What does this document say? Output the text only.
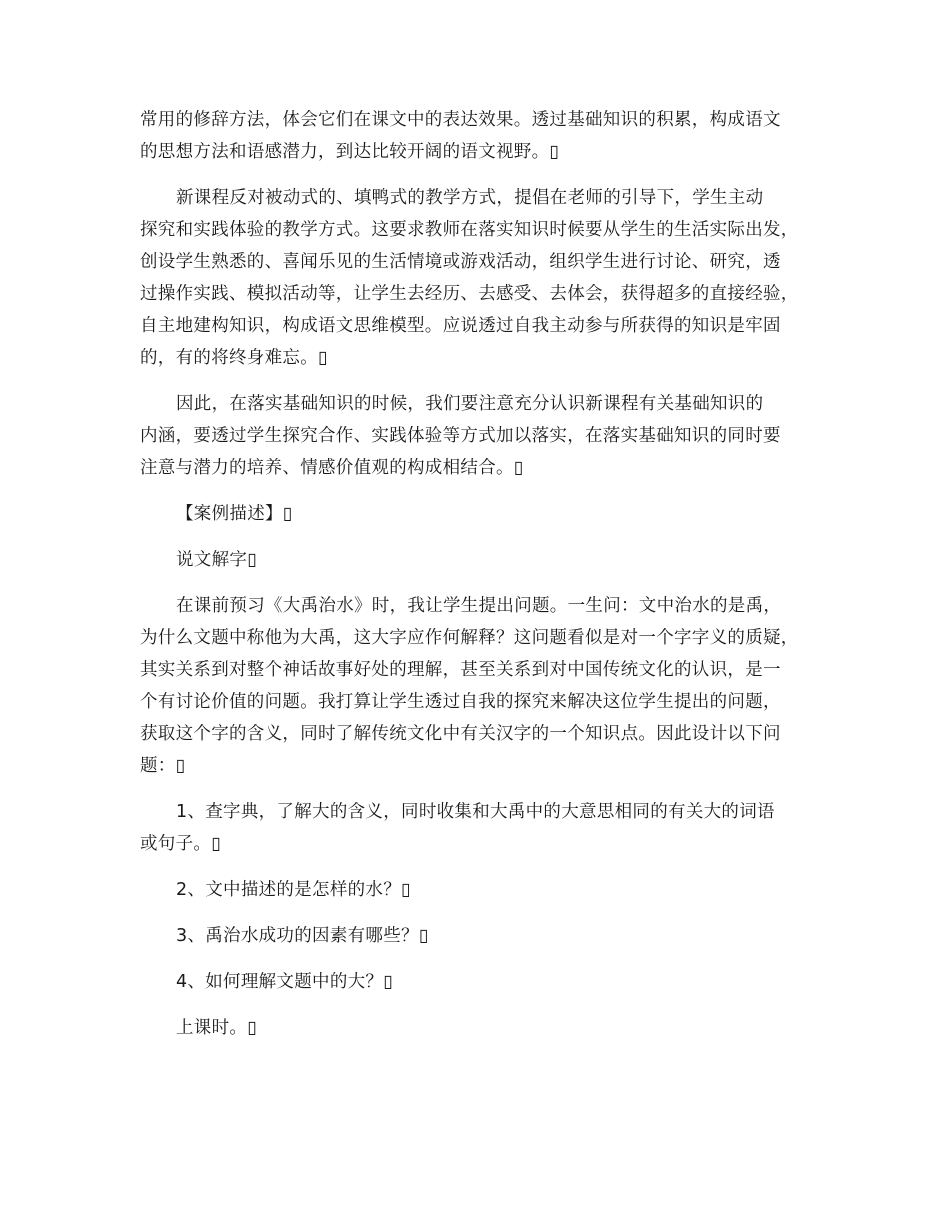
常用的修辞方法，体会它们在课文中的表达效果。透过基础知识的积累，构成语文
的思想方法和语感潜力，到达比较开阔的语文视野。▯
新课程反对被动式的、填鸭式的教学方式，提倡在老师的引导下，学生主动
探究和实践体验的教学方式。这要求教师在落实知识时候要从学生的生活实际出发，
创设学生熟悉的、喜闻乐见的生活情境或游戏活动，组织学生进行讨论、研究，透
过操作实践、模拟活动等，让学生去经历、去感受、去体会，获得超多的直接经验，
自主地建构知识，构成语文思维模型。应说透过自我主动参与所获得的知识是牢固
的，有的将终身难忘。▯
因此，在落实基础知识的时候，我们要注意充分认识新课程有关基础知识的
内涵，要透过学生探究合作、实践体验等方式加以落实，在落实基础知识的同时要
注意与潜力的培养、情感价值观的构成相结合。▯
【案例描述】▯
说文解字▯
在课前预习《大禹治水》时，我让学生提出问题。一生问：文中治水的是禹，
为什么文题中称他为大禹，这大字应作何解释？这问题看似是对一个字字义的质疑，
其实关系到对整个神话故事好处的理解，甚至关系到对中国传统文化的认识，是一
个有讨论价值的问题。我打算让学生透过自我的探究来解决这位学生提出的问题，
获取这个字的含义，同时了解传统文化中有关汉字的一个知识点。因此设计以下问
题：▯
1、查字典，了解大的含义，同时收集和大禹中的大意思相同的有关大的词语
或句子。▯
2、文中描述的是怎样的水？▯
3、禹治水成功的因素有哪些？▯
4、如何理解文题中的大？▯
上课时。▯
